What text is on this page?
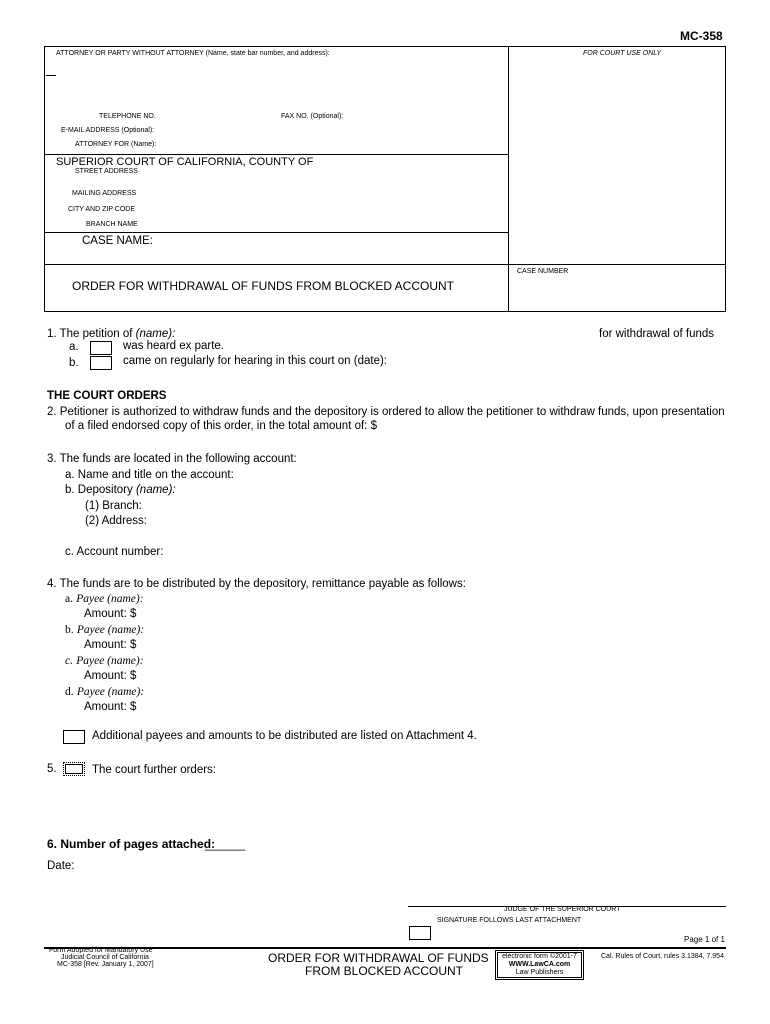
MC-358
ATTORNEY OR PARTY WITHOUT ATTORNEY (Name, state bar number, and address):	FOR COURT USE ONLY
TELEPHONE NO.	FAX NO. (Optional):
E-MAIL ADDRESS (Optional):
ATTORNEY FOR (Name):
SUPERIOR COURT OF CALIFORNIA, COUNTY OF
STREET ADDRESS
MAILING ADDRESS
CITY AND ZIP CODE
BRANCH NAME
CASE NAME:
ORDER FOR WITHDRAWAL OF FUNDS FROM BLOCKED ACCOUNT
CASE NUMBER
1. The petition of (name):	for withdrawal of funds
a.	was heard ex parte.
b.	came on regularly for hearing in this court on (date):
THE COURT ORDERS
2. Petitioner is authorized to withdraw funds and the depository is ordered to allow the petitioner to withdraw funds, upon presentation
of a filed endorsed copy of this order, in the total amount of: $
3. The funds are located in the following account:
a. Name and title on the account:
b. Depository (name):
(1) Branch:
(2) Address:
c. Account number:
4. The funds are to be distributed by the depository, remittance payable as follows:
a. Payee (name):
Amount: $
b. Payee (name):
Amount: $
c. Payee (name):
Amount: $
d. Payee (name):
Amount: $
Additional payees and amounts to be distributed are listed on Attachment 4.
5.	The court further orders:
6. Number of pages attached:
______
Date:
JUDGE OF THE SUPERIOR COURT
SIGNATURE FOLLOWS LAST ATTACHMENT
Page 1 of 1
Form Adopted for Mandatory Use
Judicial Council of California
MC-358 [Rev. January 1, 2007]	ORDER FOR WITHDRAWAL OF FUNDS
FROM BLOCKED ACCOUNT
electronic form ©2001-7
WWW.LawCA.com
Law Publishers
Cal. Rules of Court, rules 3.1384, 7.954
